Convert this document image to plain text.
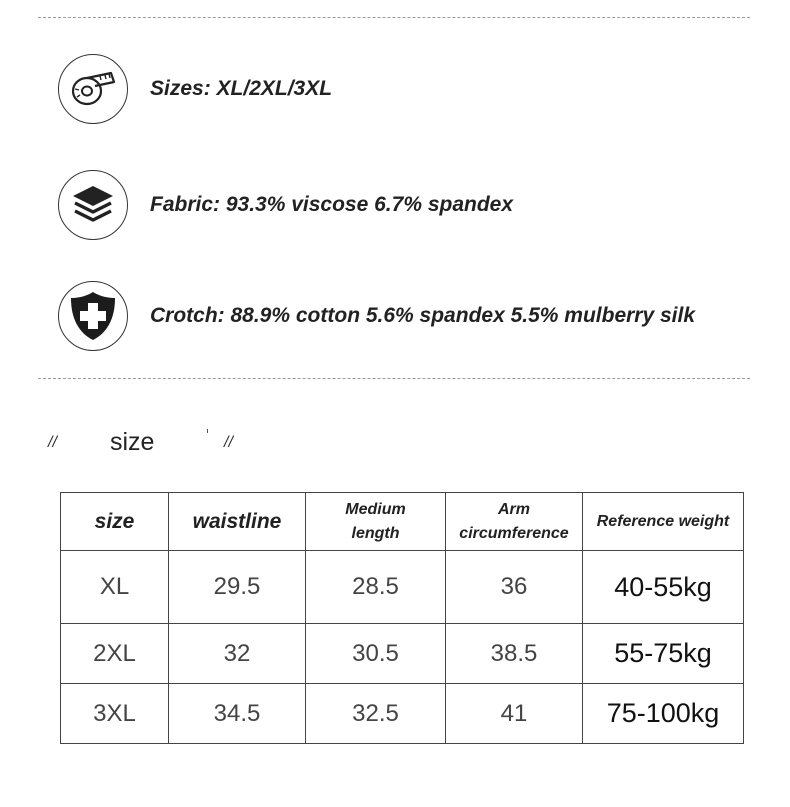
Sizes: XL/2XL/3XL
Fabric: 93.3% viscose 6.7% spandex
Crotch: 88.9% cotton 5.6% spandex 5.5% mulberry silk
// size	//
size	waistline	Medium length	Arm circumference	Reference weight
XL	29.5	28.5	36	40-55kg
2XL	32	30.5	38.5	55-75kg
3XL	34.5	32.5	41	75-100kg
